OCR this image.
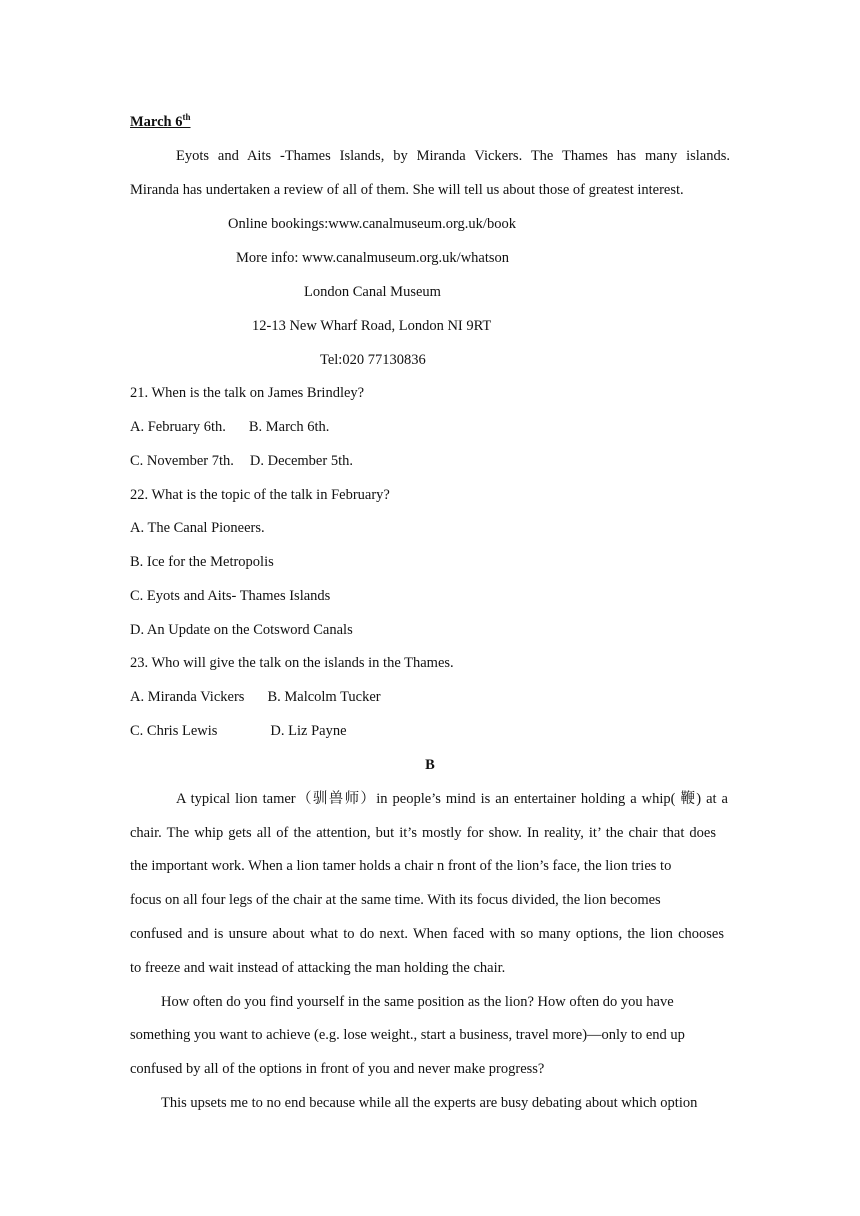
March 6th
Eyots and Aits -Thames Islands, by Miranda Vickers. The Thames has many islands.
Miranda has undertaken a review of all of them. She will tell us about those of greatest interest.
Online bookings:www.canalmuseum.org.uk/book
More info: www.canalmuseum.org.uk/whatson
London Canal Museum
12-13 New Wharf Road, London NI 9RT
Tel:020 77130836
21. When is the talk on James Brindley?
A. February 6th. B. March 6th.
C. November 7th. D. December 5th.
22. What is the topic of the talk in February?
A. The Canal Pioneers.
B. Ice for the Metropolis
C. Eyots and Aits- Thames Islands
D. An Update on the Cotsword Canals
23. Who will give the talk on the islands in the Thames.
A. Miranda Vickers B. Malcolm Tucker
C. Chris Lewis	D. Liz Payne
B
A typical lion tamer（驯兽师）in people’s mind is an entertainer holding a whip( 鞭) at a
chair. The whip gets all of the attention, but it’s mostly for show. In reality, it’ the chair that does
the important work. When a lion tamer holds a chair n front of the lion’s face, the lion tries to
focus on all four legs of the chair at the same time. With its focus divided, the lion becomes
confused and is unsure about what to do next. When faced with so many options, the lion chooses
to freeze and wait instead of attacking the man holding the chair.
How often do you find yourself in the same position as the lion? How often do you have
something you want to achieve (e.g. lose weight., start a business, travel more)—only to end up
confused by all of the options in front of you and never make progress?
This upsets me to no end because while all the experts are busy debating about which option
